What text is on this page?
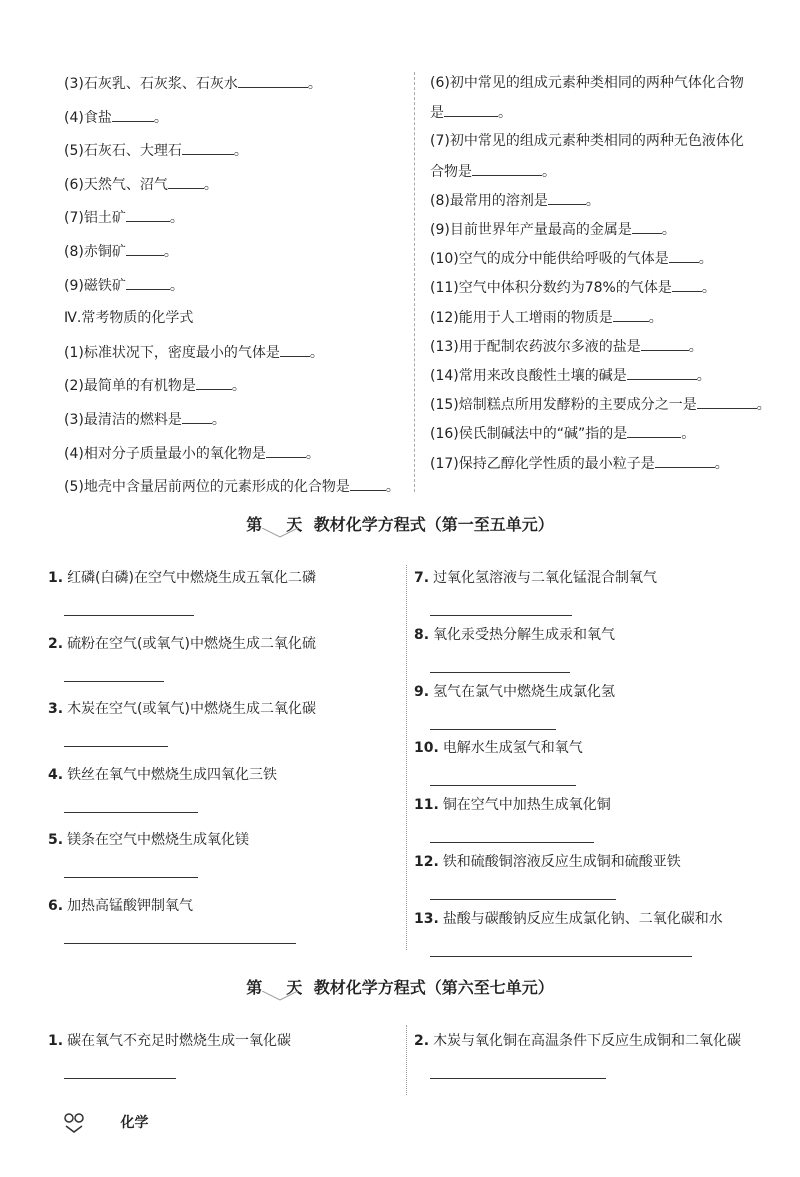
(3)石灰乳、石灰浆、石灰水	。
(4)食盐	。
(5)石灰石、大理石	。
(6)天然气、沼气	。
(7)铝土矿	。
(8)赤铜矿	。
(9)磁铁矿	。
Ⅳ.常考物质的化学式
(1)标准状况下，密度最小的气体是 。
(2)最简单的有机物是	。
(3)最清洁的燃料是 。
(4)相对分子质量最小的氧化物是	。
(5)地壳中含量居前两位的元素形成的化合物是	。
(6)初中常见的组成元素种类相同的两种气体化合物
是	。
(7)初中常见的组成元素种类相同的两种无色液体化
合物是	。
(8)最常用的溶剂是	。
(9)目前世界年产量最高的金属是 。
(10)空气的成分中能供给呼吸的气体是 。
(11)空气中体积分数约为78%的气体是 。
(12)能用于人工增雨的物质是	。
(13)用于配制农药波尔多液的盐是	。
(14)常用来改良酸性土壤的碱是	。
(15)焙制糕点所用发酵粉的主要成分之一是	。
(16)侯氏制碱法中的“碱”指的是	。
(17)保持乙醇化学性质的最小粒子是	。
第 天 教材化学方程式（第一至五单元）
1. 红磷(白磷)在空气中燃烧生成五氧化二磷
2. 硫粉在空气(或氧气)中燃烧生成二氧化硫
3. 木炭在空气(或氧气)中燃烧生成二氧化碳
4. 铁丝在氧气中燃烧生成四氧化三铁
5. 镁条在空气中燃烧生成氧化镁
6. 加热高锰酸钾制氧气
7. 过氧化氢溶液与二氧化锰混合制氧气
8. 氧化汞受热分解生成汞和氧气
9. 氢气在氯气中燃烧生成氯化氢
10. 电解水生成氢气和氧气
11. 铜在空气中加热生成氧化铜
12. 铁和硫酸铜溶液反应生成铜和硫酸亚铁
13. 盐酸与碳酸钠反应生成氯化钠、二氧化碳和水
第 天 教材化学方程式（第六至七单元）
1. 碳在氧气不充足时燃烧生成一氧化碳	2. 木炭与氧化铜在高温条件下反应生成铜和二氧化碳
化学
